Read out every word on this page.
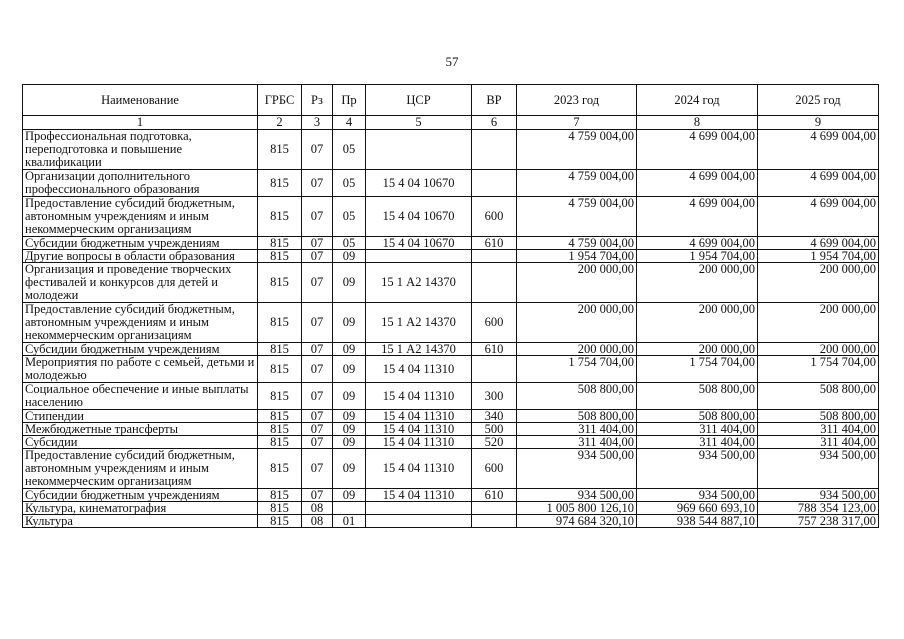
57
Наименование	ГРБС	Рз	Пр	ЦСР	ВР	2023 год	2024 год	2025 год
1	2	3	4	5	6	7	8	9
Профессиональная подготовка, переподготовка и повышение квалификации	815	07	05			4 759 004,00	4 699 004,00	4 699 004,00
Организации дополнительного профессионального образования	815	07	05	15 4 04 10670		4 759 004,00	4 699 004,00	4 699 004,00
Предоставление субсидий бюджетным, автономным учреждениям и иным некоммерческим организациям	815	07	05	15 4 04 10670	600	4 759 004,00	4 699 004,00	4 699 004,00
Субсидии бюджетным учреждениям	815	07	05	15 4 04 10670	610	4 759 004,00	4 699 004,00	4 699 004,00
Другие вопросы в области образования	815	07	09			1 954 704,00	1 954 704,00	1 954 704,00
Организация и проведение творческих фестивалей и конкурсов для детей и молодежи	815	07	09	15 1 А2 14370		200 000,00	200 000,00	200 000,00
Предоставление субсидий бюджетным, автономным учреждениям и иным некоммерческим организациям	815	07	09	15 1 А2 14370	600	200 000,00	200 000,00	200 000,00
Субсидии бюджетным учреждениям	815	07	09	15 1 А2 14370	610	200 000,00	200 000,00	200 000,00
Мероприятия по работе с семьей, детьми и молодежью	815	07	09	15 4 04 11310		1 754 704,00	1 754 704,00	1 754 704,00
Социальное обеспечение и иные выплаты населению	815	07	09	15 4 04 11310	300	508 800,00	508 800,00	508 800,00
Стипендии	815	07	09	15 4 04 11310	340	508 800,00	508 800,00	508 800,00
Межбюджетные трансферты	815	07	09	15 4 04 11310	500	311 404,00	311 404,00	311 404,00
Субсидии	815	07	09	15 4 04 11310	520	311 404,00	311 404,00	311 404,00
Предоставление субсидий бюджетным, автономным учреждениям и иным некоммерческим организациям	815	07	09	15 4 04 11310	600	934 500,00	934 500,00	934 500,00
Субсидии бюджетным учреждениям	815	07	09	15 4 04 11310	610	934 500,00	934 500,00	934 500,00
Культура, кинематография	815	08				1 005 800 126,10	969 660 693,10	788 354 123,00
Культура	815	08	01			974 684 320,10	938 544 887,10	757 238 317,00
